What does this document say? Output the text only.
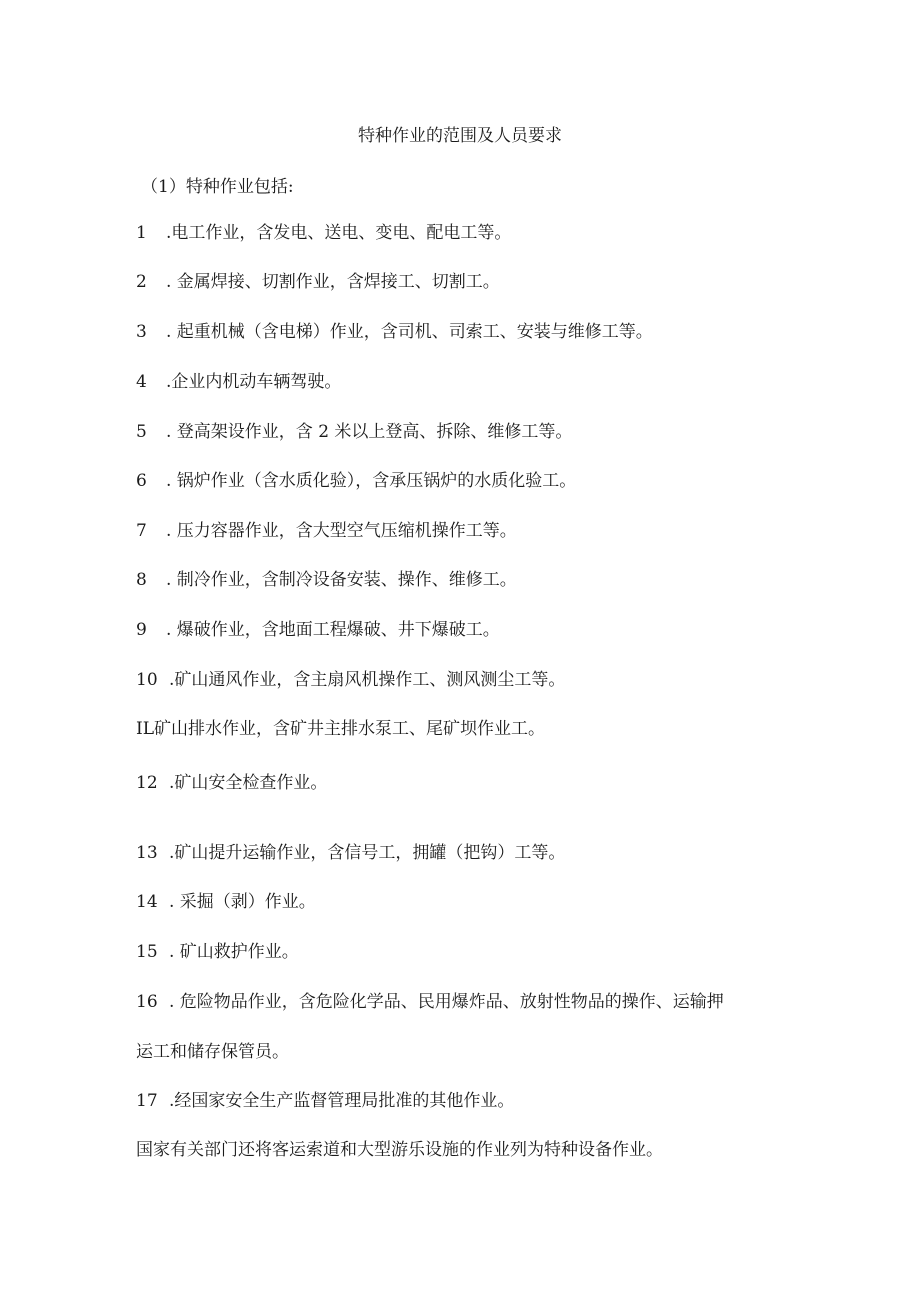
特种作业的范围及人员要求
（1）特种作业包括:
1 .电工作业，含发电、送电、变电、配电工等。
2 . 金属焊接、切割作业，含焊接工、切割工。
3 . 起重机械（含电梯）作业，含司机、司索工、安装与维修工等。
4 .企业内机动车辆驾驶。
5 . 登高架设作业，含 2 米以上登高、拆除、维修工等。
6 . 锅炉作业（含水质化验），含承压锅炉的水质化验工。
7 . 压力容器作业，含大型空气压缩机操作工等。
8 . 制冷作业，含制冷设备安装、操作、维修工。
9 . 爆破作业，含地面工程爆破、井下爆破工。
10 .矿山通风作业，含主扇风机操作工、测风测尘工等。
IL矿山排水作业，含矿井主排水泵工、尾矿坝作业工。
12 .矿山安全检查作业。
13 .矿山提升运输作业，含信号工，拥罐（把钩）工等。
14 . 采掘（剥）作业。
15 . 矿山救护作业。
16 . 危险物品作业，含危险化学品、民用爆炸品、放射性物品的操作、运输押
运工和储存保管员。
17 .经国家安全生产监督管理局批准的其他作业。
国家有关部门还将客运索道和大型游乐设施的作业列为特种设备作业。
